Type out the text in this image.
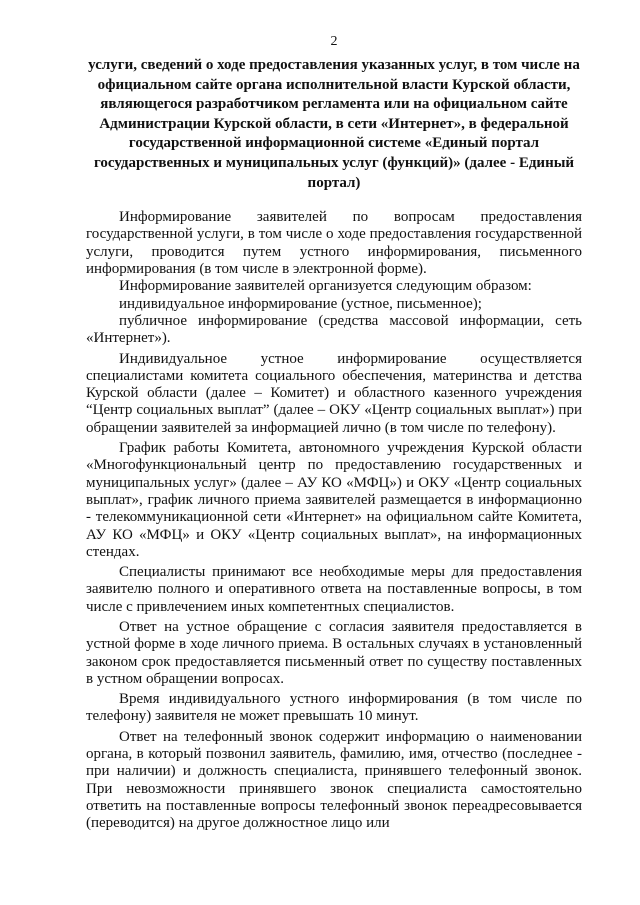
2
услуги, сведений о ходе предоставления указанных услуг, в том числе на официальном сайте органа исполнительной власти Курской области, являющегося разработчиком регламента или на официальном сайте Администрации Курской области, в сети «Интернет», в федеральной государственной информационной системе «Единый портал государственных и муниципальных услуг (функций)» (далее - Единый портал)

Информирование заявителей по вопросам предоставления государственной услуги, в том числе о ходе предоставления государственной услуги, проводится путем устного информирования, письменного информирования (в том числе в электронной форме).

Информирование заявителей организуется следующим образом:

индивидуальное информирование (устное, письменное);

публичное информирование (средства массовой информации, сеть «Интернет»).

Индивидуальное устное информирование осуществляется специалистами комитета социального обеспечения, материнства и детства Курской области (далее – Комитет) и областного казенного учреждения “Центр социальных выплат” (далее – ОКУ «Центр социальных выплат») при обращении заявителей за информацией лично (в том числе по телефону).

График работы Комитета, автономного учреждения Курской области «Многофункциональный центр по предоставлению государственных и муниципальных услуг» (далее – АУ КО «МФЦ») и ОКУ «Центр социальных выплат», график личного приема заявителей размещается в информационно - телекоммуникационной сети «Интернет» на официальном сайте Комитета, АУ КО «МФЦ» и ОКУ «Центр социальных выплат», на информационных стендах.

Специалисты принимают все необходимые меры для предоставления заявителю полного и оперативного ответа на поставленные вопросы, в том числе с привлечением иных компетентных специалистов.

Ответ на устное обращение с согласия заявителя предоставляется в устной форме в ходе личного приема. В остальных случаях в установленный законом срок предоставляется письменный ответ по существу поставленных в устном обращении вопросах.

Время индивидуального устного информирования (в том числе по телефону) заявителя не может превышать 10 минут.

Ответ на телефонный звонок содержит информацию о наименовании органа, в который позвонил заявитель, фамилию, имя, отчество (последнее - при наличии) и должность специалиста, принявшего телефонный звонок. При невозможности принявшего звонок специалиста самостоятельно ответить на поставленные вопросы телефонный звонок переадресовывается (переводится) на другое должностное лицо или
